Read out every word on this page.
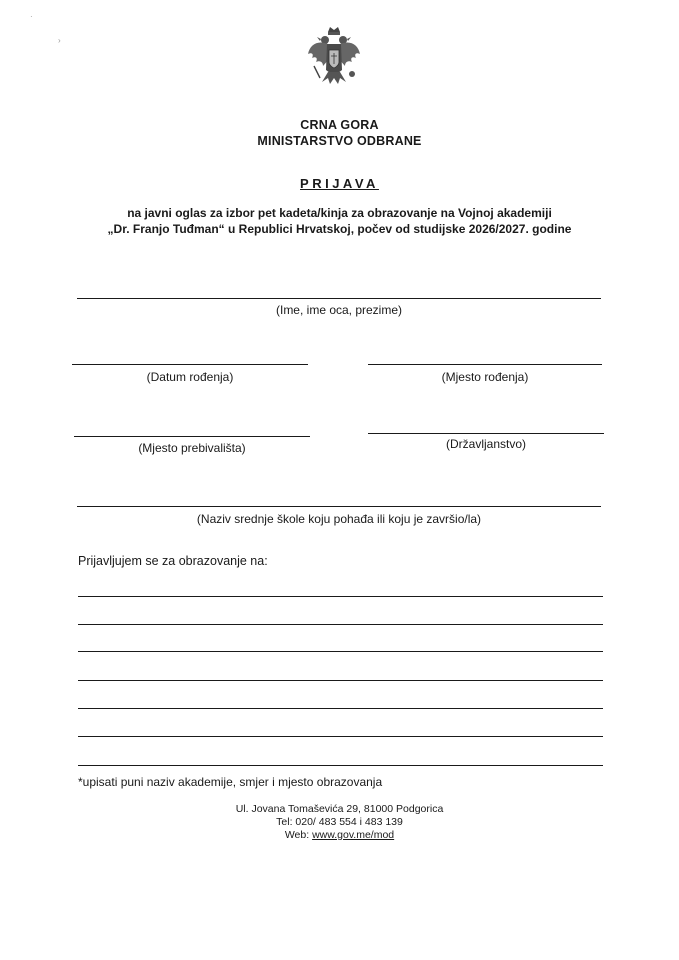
·
›
CRNA GORA
MINISTARSTVO ODBRANE
PRIJAVA
na javni oglas za izbor pet kadeta/kinja za obrazovanje na Vojnoj akademiji
„Dr. Franjo Tuđman“ u Republici Hrvatskoj, počev od studijske 2026/2027. godine
(Ime, ime oca, prezime)
(Datum rođenja)	(Mjesto rođenja)
(Mjesto prebivališta)	(Državljanstvo)
(Naziv srednje škole koju pohađa ili koju je završio/la)
Prijavljujem se za obrazovanje na:
*upisati puni naziv akademije, smjer i mjesto obrazovanja
Ul. Jovana Tomaševića 29, 81000 Podgorica
Tel: 020/ 483 554 i 483 139
Web: www.gov.me/mod
